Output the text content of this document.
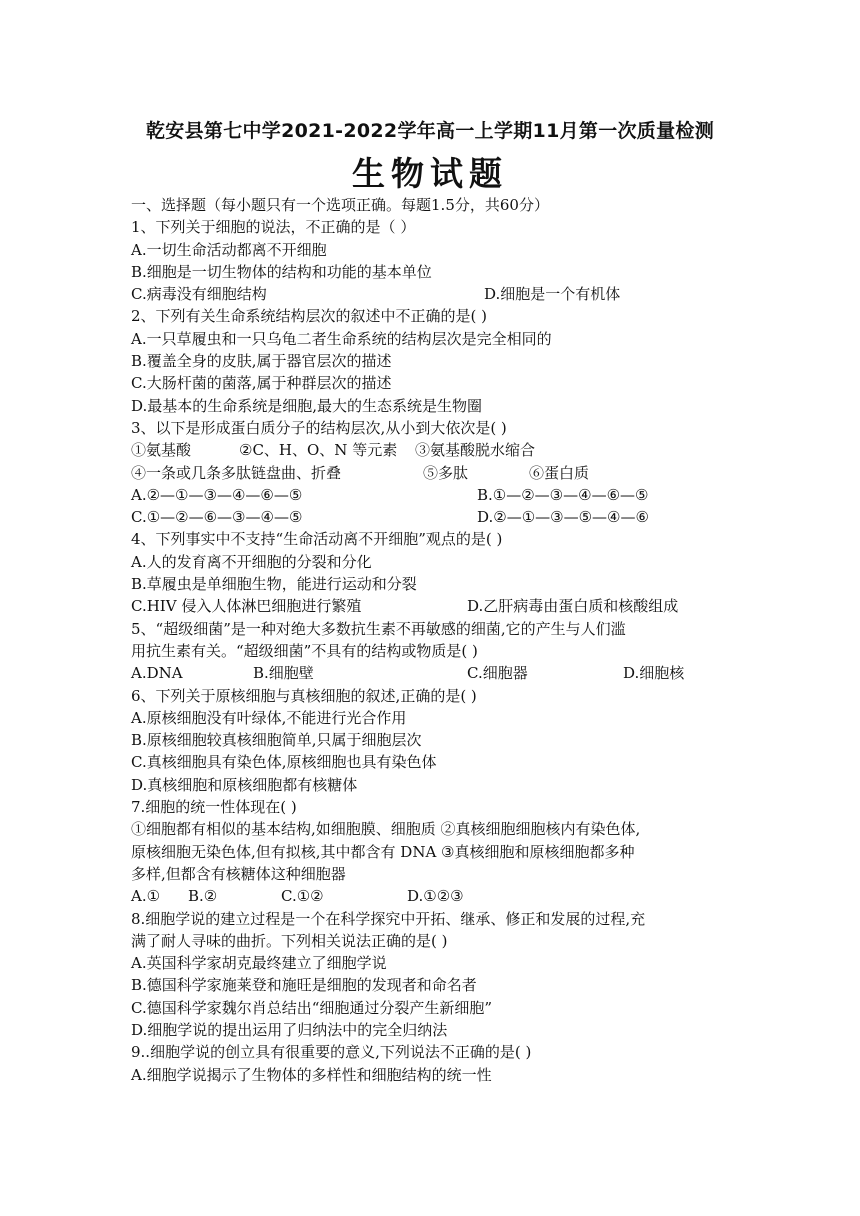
乾安县第七中学2021-2022学年高一上学期11月第一次质量检测
生物试题
一、选择题（每小题只有一个选项正确。每题1.5分，共60分）
1、下列关于细胞的说法，不正确的是（ ）
A.一切生命活动都离不开细胞
B.细胞是一切生物体的结构和功能的基本单位
C.病毒没有细胞结构	D.细胞是一个有机体
2、下列有关生命系统结构层次的叙述中不正确的是( )
A.一只草履虫和一只乌龟二者生命系统的结构层次是完全相同的
B.覆盖全身的皮肤,属于器官层次的描述
C.大肠杆菌的菌落,属于种群层次的描述
D.最基本的生命系统是细胞,最大的生态系统是生物圈
3、以下是形成蛋白质分子的结构层次,从小到大依次是( )
①氨基酸	②C、H、O、N 等元素 ③氨基酸脱水缩合
④一条或几条多肽链盘曲、折叠	⑤多肽	⑥蛋白质
A.②—①—③—④—⑥—⑤	B.①—②—③—④—⑥—⑤
C.①—②—⑥—③—④—⑤	D.②—①—③—⑤—④—⑥
4、下列事实中不支持“生命活动离不开细胞”观点的是( )
A.人的发育离不开细胞的分裂和分化
B.草履虫是单细胞生物，能进行运动和分裂
C.HIV 侵入人体淋巴细胞进行繁殖	D.乙肝病毒由蛋白质和核酸组成
5、“超级细菌”是一种对绝大多数抗生素不再敏感的细菌,它的产生与人们滥
用抗生素有关。“超级细菌”不具有的结构或物质是( )
A.DNA	B.细胞壁	C.细胞器	D.细胞核
6、下列关于原核细胞与真核细胞的叙述,正确的是( )
A.原核细胞没有叶绿体,不能进行光合作用
B.原核细胞较真核细胞简单,只属于细胞层次
C.真核细胞具有染色体,原核细胞也具有染色体
D.真核细胞和原核细胞都有核糖体
7.细胞的统一性体现在( )
①细胞都有相似的基本结构,如细胞膜、细胞质 ②真核细胞细胞核内有染色体,
原核细胞无染色体,但有拟核,其中都含有 DNA ③真核细胞和原核细胞都多种
多样,但都含有核糖体这种细胞器
A.① B.②	C.①②	D.①②③
8.细胞学说的建立过程是一个在科学探究中开拓、继承、修正和发展的过程,充
满了耐人寻味的曲折。下列相关说法正确的是( )
A.英国科学家胡克最终建立了细胞学说
B.德国科学家施莱登和施旺是细胞的发现者和命名者
C.德国科学家魏尔肖总结出“细胞通过分裂产生新细胞”
D.细胞学说的提出运用了归纳法中的完全归纳法
9..细胞学说的创立具有很重要的意义,下列说法不正确的是( )
A.细胞学说揭示了生物体的多样性和细胞结构的统一性
